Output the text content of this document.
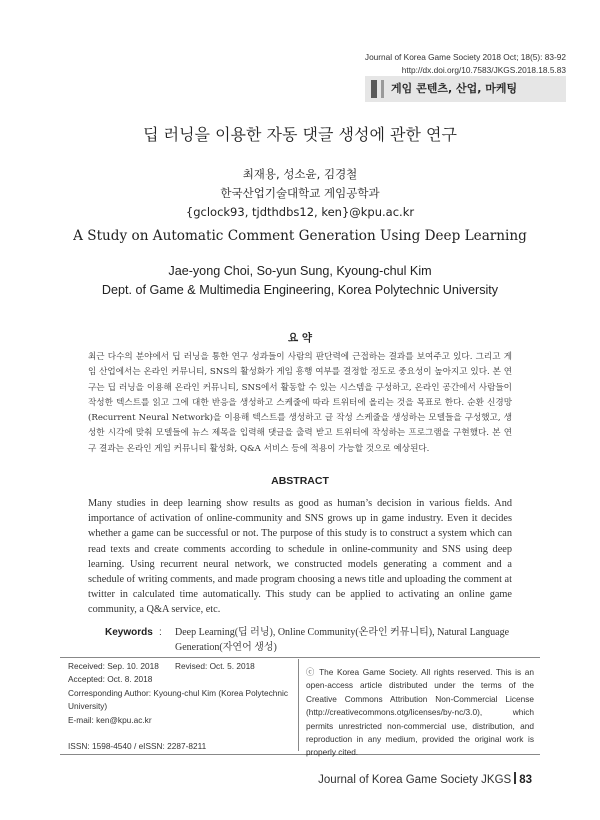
Journal of Korea Game Society 2018 Oct; 18(5): 83-92
http://dx.doi.org/10.7583/JKGS.2018.18.5.83
게임 콘텐츠, 산업, 마케팅
딥 러닝을 이용한 자동 댓글 생성에 관한 연구
최재용, 성소윤, 김경철
한국산업기술대학교 게임공학과
{gclock93, tjdthdbs12, ken}@kpu.ac.kr
A Study on Automatic Comment Generation Using Deep Learning
Jae-yong Choi, So-yun Sung, Kyoung-chul Kim
Dept. of Game & Multimedia Engineering, Korea Polytechnic University
요 약
최근 다수의 분야에서 딥 러닝을 통한 연구 성과들이 사람의 판단력에 근접하는 결과를 보여주고 있다. 그리고 게임 산업에서는 온라인 커뮤니티, SNS의 활성화가 게임 흥행 여부를 결정할 정도로 중요성이 높아지고 있다. 본 연구는 딥 러닝을 이용해 온라인 커뮤니티, SNS에서 활동할 수 있는 시스템을 구성하고, 온라인 공간에서 사람들이 작성한 텍스트를 읽고 그에 대한 반응을 생성하고 스케줄에 따라 트위터에 올리는 것을 목표로 한다. 순환 신경망(Recurrent Neural Network)을 이용해 텍스트를 생성하고 글 작성 스케줄을 생성하는 모델들을 구성했고, 생성한 시각에 맞춰 모델들에 뉴스 제목을 입력해 댓글을 출력 받고 트위터에 작성하는 프로그램을 구현했다. 본 연구 결과는 온라인 게임 커뮤니티 활성화, Q&A 서비스 등에 적용이 가능할 것으로 예상된다.
ABSTRACT
Many studies in deep learning show results as good as human’s decision in various fields. And importance of activation of online-community and SNS grows up in game industry. Even it decides whether a game can be successful or not. The purpose of this study is to construct a system which can read texts and create comments according to schedule in online-community and SNS using deep learning. Using recurrent neural network, we constructed models generating a comment and a schedule of writing comments, and made program choosing a news title and uploading the comment at twitter in calculated time automatically. This study can be applied to activating an online game community, a Q&A service, etc.
Keywords : Deep Learning(딥 러닝), Online Community(온라인 커뮤니티), Natural Language Generation(자연어 생성)
Received: Sep. 10. 2018 Revised: Oct. 5. 2018
Accepted: Oct. 8. 2018
Corresponding Author: Kyoung-chul Kim (Korea Polytechnic University)
E-mail: ken@kpu.ac.kr
ISSN: 1598-4540 / eISSN: 2287-8211
ⓒ The Korea Game Society. All rights reserved. This is an open-access article distributed under the terms of the Creative Commons Attribution Non-Commercial License (http://creativecommons.otg/licenses/by-nc/3.0), which permits unrestricted non-commercial use, distribution, and reproduction in any medium, provided the original work is properly cited.
Journal of Korea Game Society JKGS 83
